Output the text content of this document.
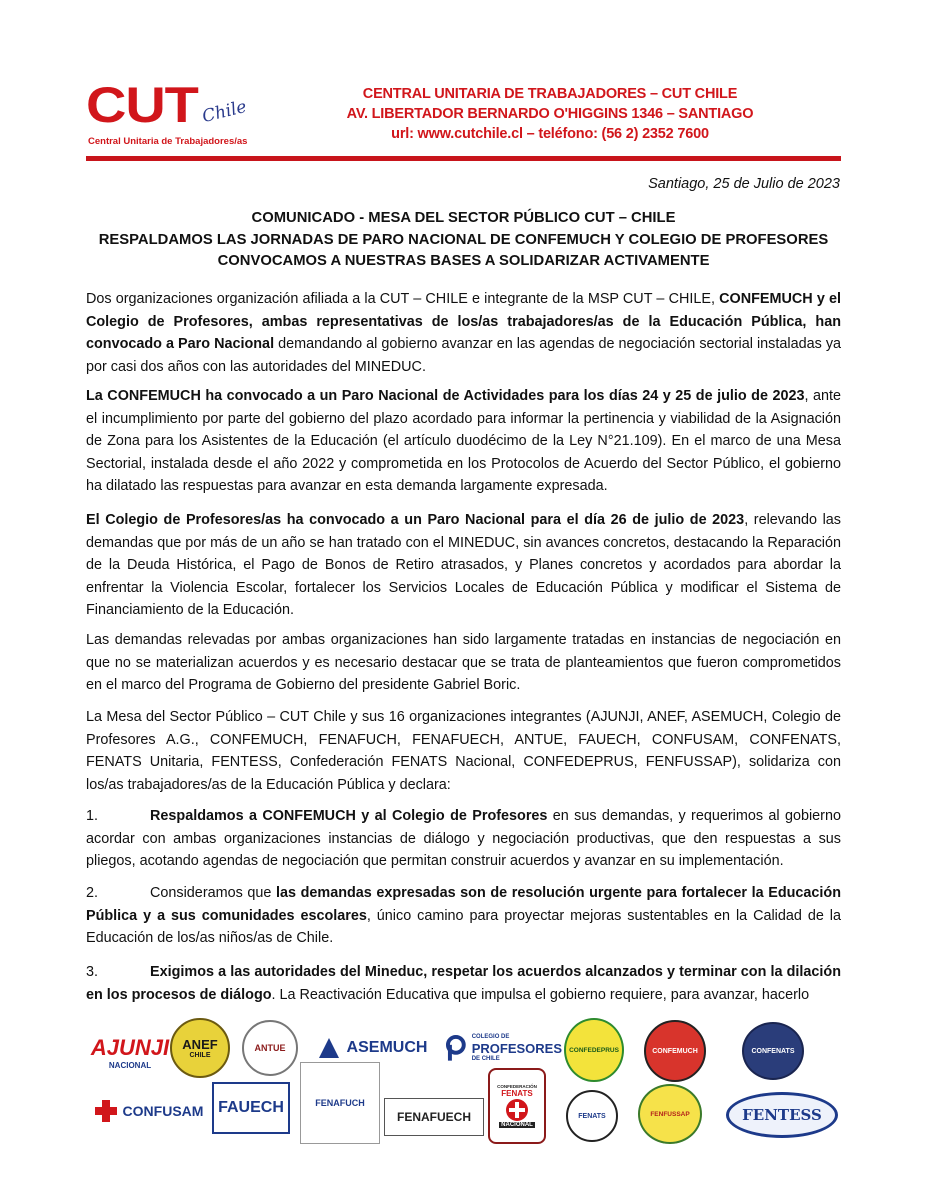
CUT Chile
Central Unitaria de Trabajadores/as
CENTRAL UNITARIA DE TRABAJADORES – CUT CHILE
AV. LIBERTADOR BERNARDO O'HIGGINS 1346 – SANTIAGO
url: www.cutchile.cl – teléfono: (56 2) 2352 7600
Santiago, 25 de Julio de 2023
COMUNICADO - MESA DEL SECTOR PÚBLICO CUT – CHILE
RESPALDAMOS LAS JORNADAS DE PARO NACIONAL DE CONFEMUCH Y COLEGIO DE PROFESORES
CONVOCAMOS A NUESTRAS BASES A SOLIDARIZAR ACTIVAMENTE
Dos organizaciones organización afiliada a la CUT – CHILE e integrante de la MSP CUT – CHILE, CONFEMUCH y el Colegio de Profesores, ambas representativas de los/as trabajadores/as de la Educación Pública, han convocado a Paro Nacional demandando al gobierno avanzar en las agendas de negociación sectorial instaladas ya por casi dos años con las autoridades del MINEDUC.
La CONFEMUCH ha convocado a un Paro Nacional de Actividades para los días 24 y 25 de julio de 2023, ante el incumplimiento por parte del gobierno del plazo acordado para informar la pertinencia y viabilidad de la Asignación de Zona para los Asistentes de la Educación (el artículo duodécimo de la Ley N°21.109). En el marco de una Mesa Sectorial, instalada desde el año 2022 y comprometida en los Protocolos de Acuerdo del Sector Público, el gobierno ha dilatado las respuestas para avanzar en esta demanda largamente expresada.
El Colegio de Profesores/as ha convocado a un Paro Nacional para el día 26 de julio de 2023, relevando las demandas que por más de un año se han tratado con el MINEDUC, sin avances concretos, destacando la Reparación de la Deuda Histórica, el Pago de Bonos de Retiro atrasados, y Planes concretos y acordados para abordar la enfrentar la Violencia Escolar, fortalecer los Servicios Locales de Educación Pública y modificar el Sistema de Financiamiento de la Educación.
Las demandas relevadas por ambas organizaciones han sido largamente tratadas en instancias de negociación en que no se materializan acuerdos y es necesario destacar que se trata de planteamientos que fueron comprometidos en el marco del Programa de Gobierno del presidente Gabriel Boric.
La Mesa del Sector Público – CUT Chile y sus 16 organizaciones integrantes (AJUNJI, ANEF, ASEMUCH, Colegio de Profesores A.G., CONFEMUCH, FENAFUCH, FENAFUECH, ANTUE, FAUECH, CONFUSAM, CONFENATS, FENATS Unitaria, FENTESS, Confederación FENATS Nacional, CONFEDEPRUS, FENFUSSAP), solidariza con los/as trabajadores/as de la Educación Pública y declara:
1.	Respaldamos a CONFEMUCH y al Colegio de Profesores en sus demandas, y requerimos al gobierno acordar con ambas organizaciones instancias de diálogo y negociación productivas, que den respuestas a sus pliegos, acotando agendas de negociación que permitan construir acuerdos y avanzar en su implementación.
2.	Consideramos que las demandas expresadas son de resolución urgente para fortalecer la Educación Pública y a sus comunidades escolares, único camino para proyectar mejoras sustentables en la Calidad de la Educación de los/as niños/as de Chile.
3.	Exigimos a las autoridades del Mineduc, respetar los acuerdos alcanzados y terminar con la dilación en los procesos de diálogo. La Reactivación Educativa que impulsa el gobierno requiere, para avanzar, hacerlo
AJUNJI
NACIONAL
ANEF
CHILE
ANTUE	ASEMUCH
COLEGIO DE
PROFESORES
DE CHILE
CONFEDEPRUS	CONFEMUCH	CONFENATS
CONFUSAM FAUECH	FENAFUCH
FENAFUECH
CONFEDERACIÓN
FENATS
NACIONAL
FENATS	FENFUSSAP	FENTESS
